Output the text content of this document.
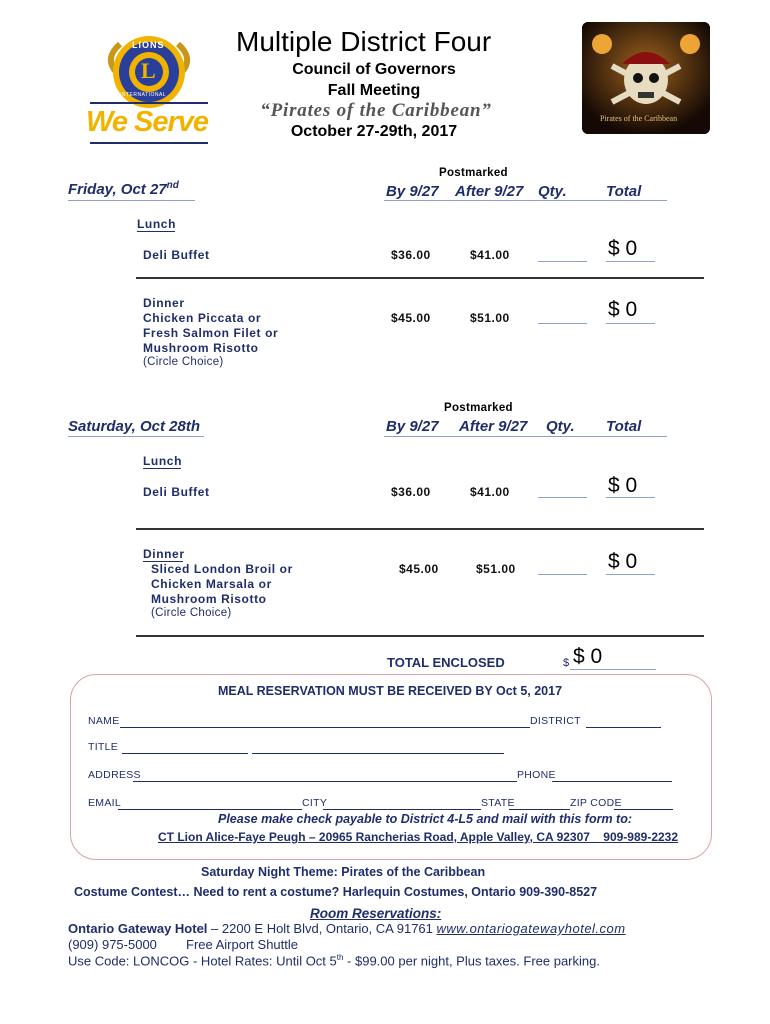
LIONS
L
INTERNATIONAL
We Serve
Multiple District Four
Council of Governors
Fall Meeting
“Pirates of the Caribbean”
October 27-29th, 2017
Pirates of the Caribbean
Friday, Oct 27nd
Postmarked
By 9/27 After 9/27 Qty.	Total
Lunch
Deli Buffet	$36.00	$41.00	$ 0
Dinner
Chicken Piccata or
Fresh Salmon Filet or
Mushroom Risotto
(Circle Choice)
$45.00	$51.00	$ 0
Saturday, Oct 28th
Postmarked
By 9/27 After 9/27 Qty. Total
Lunch
Deli Buffet	$36.00	$41.00	$ 0
Dinner
Sliced London Broil or
Chicken Marsala or
Mushroom Risotto
(Circle Choice)
$45.00	$51.00	$ 0
TOTAL ENCLOSED	$ $ 0
MEAL RESERVATION MUST BE RECEIVED BY Oct 5, 2017
NAME	DISTRICT
TITLE
ADDRESS	PHONE
EMAIL	CITY	STATE	ZIP CODE
Please make check payable to District 4-L5 and mail with this form to:
CT Lion Alice-Faye Peugh – 20965 Rancherias Road, Apple Valley, CA 92307    909-989-2232
Saturday Night Theme: Pirates of the Caribbean
Costume Contest… Need to rent a costume? Harlequin Costumes, Ontario 909-390-8527
Room Reservations:
Ontario Gateway Hotel – 2200 E Holt Blvd, Ontario, CA 91761 www.ontariogatewayhotel.com
(909) 975-5000 Free Airport Shuttle
Use Code: LONCOG - Hotel Rates: Until Oct 5th - $99.00 per night, Plus taxes. Free parking.
